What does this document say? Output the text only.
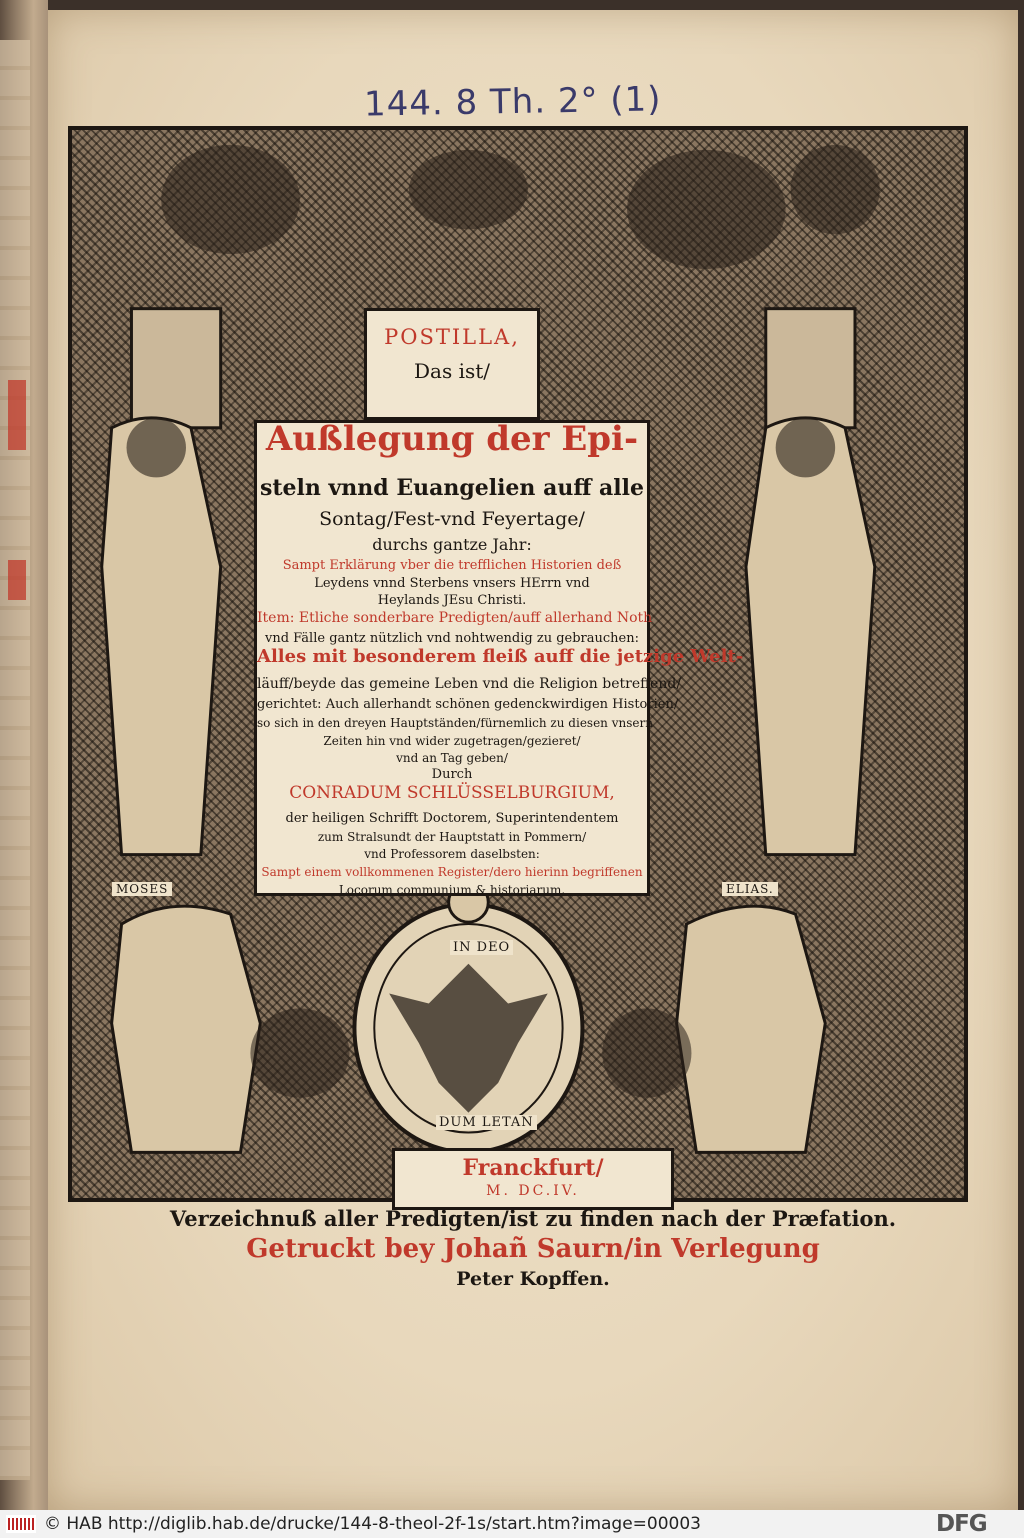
144. 8 Th. 2° (1)
POSTILLA,
Das ist/
Außlegung der Epi-
steln vnnd Euangelien auff alle
Sontag/Fest-vnd Feyertage/
durchs gantze Jahr:
Sampt Erklärung vber die trefflichen Historien deß
Leydens vnnd Sterbens vnsers HErrn vnd
Heylands JEsu Christi.
Item: Etliche sonderbare Predigten/auff allerhand Noth
vnd Fälle gantz nützlich vnd nohtwendig zu gebrauchen:
Alles mit besonderem fleiß auff die jetzige Welt-
läuff/beyde das gemeine Leben vnd die Religion betreffend/
gerichtet: Auch allerhandt schönen gedenckwirdigen Historien/
so sich in den dreyen Hauptständen/fürnemlich zu diesen vnsern
Zeiten hin vnd wider zugetragen/gezieret/
vnd an Tag geben/
Durch
CONRADUM SCHLÜSSELBURGIUM,
der heiligen Schrifft Doctorem, Superintendentem
zum Stralsundt der Hauptstatt in Pommern/
vnd Professorem daselbsten:
Sampt einem vollkommenen Register/dero hierinn begriffenen
Locorum communium & historiarum.
MOSES	ELIAS.
IN DEO
DUM LETAN
Franckfurt/
M. DC.IV.
Verzeichnuß aller Predigten/ist zu finden nach der Præfation.
Getruckt bey Johañ Saurn/in Verlegung
Peter Kopffen.
© HAB http://diglib.hab.de/drucke/144-8-theol-2f-1s/start.htm?image=00003	DFG
